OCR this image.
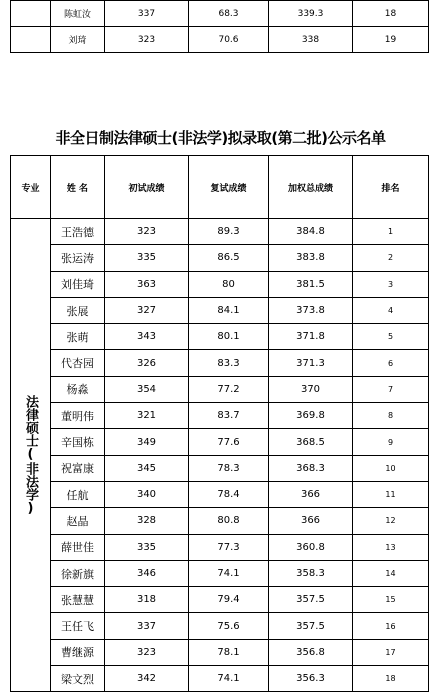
	陈虹汝	337	68.3	339.3	18
	刘琦	323	70.6	338	19
非全日制法律硕士(非法学)拟录取(第二批)公示名单
专业	姓 名	初试成绩	复试成绩	加权总成绩	排名
法律硕士(非法学)	王浩德	323	89.3	384.8	1
	张运涛	335	86.5	383.8	2
	刘佳琦	363	80	381.5	3
	张展	327	84.1	373.8	4
	张萌	343	80.1	371.8	5
	代杏园	326	83.3	371.3	6
	杨淼	354	77.2	370	7
	董明伟	321	83.7	369.8	8
	辛国栋	349	77.6	368.5	9
	祝富康	345	78.3	368.3	10
	任航	340	78.4	366	11
	赵晶	328	80.8	366	12
	薛世佳	335	77.3	360.8	13
	徐新旗	346	74.1	358.3	14
	张慧慧	318	79.4	357.5	15
	王任飞	337	75.6	357.5	16
	曹继源	323	78.1	356.8	17
	梁文烈	342	74.1	356.3	18
